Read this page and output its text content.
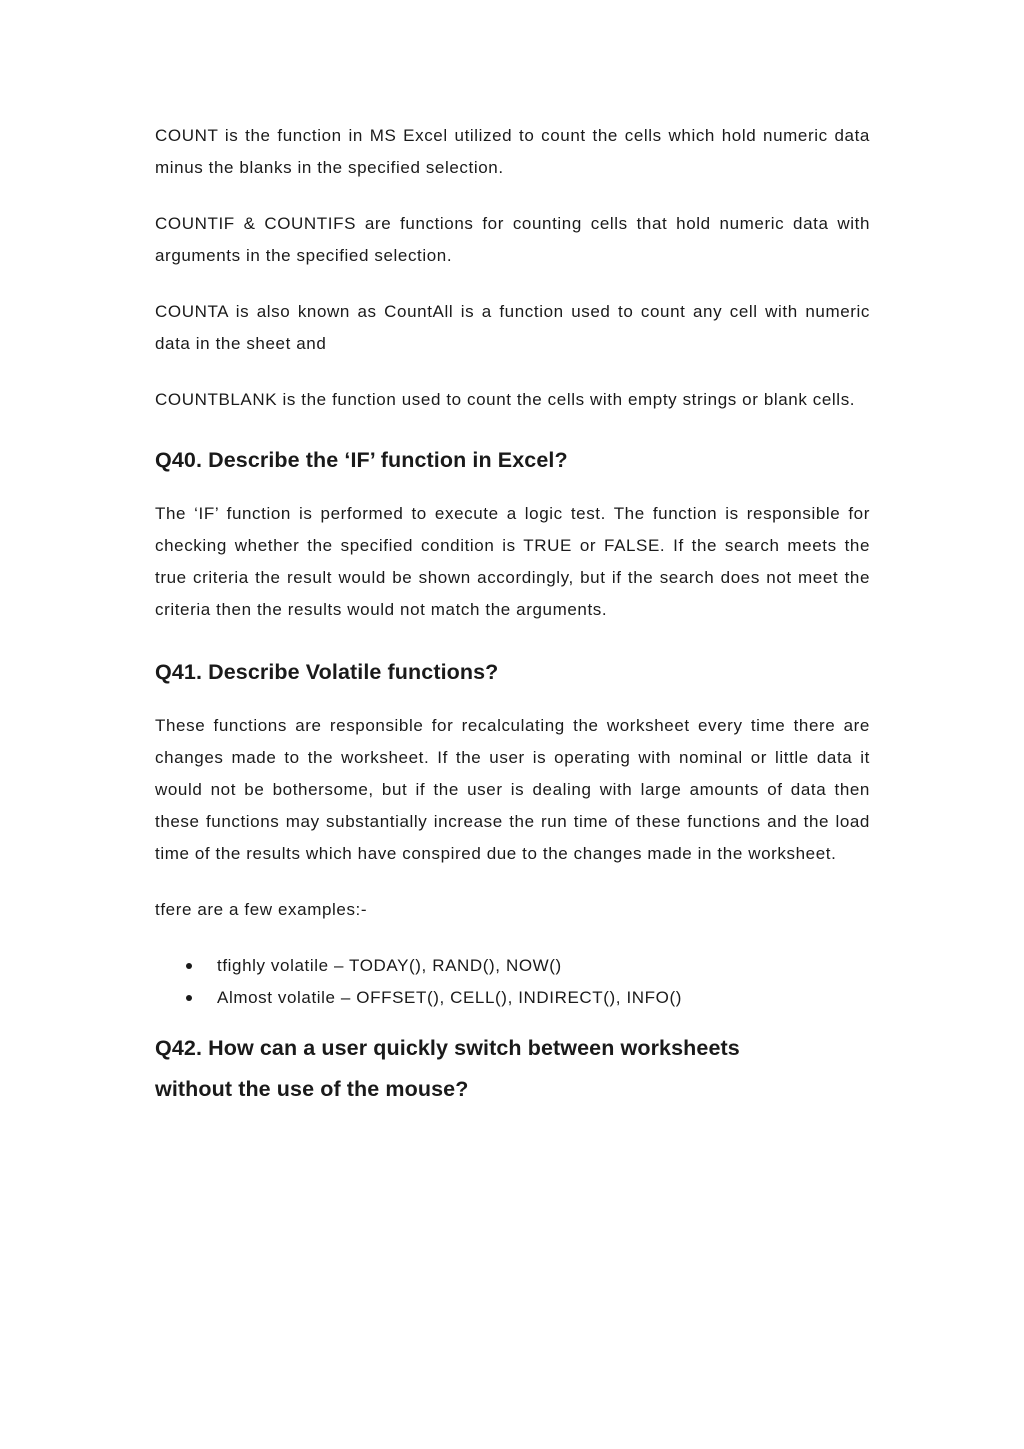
COUNT is the function in MS Excel utilized to count the cells which hold numeric data minus the blanks in the specified selection.

COUNTIF & COUNTIFS are functions for counting cells that hold numeric data with arguments in the specified selection.

COUNTA is also known as CountAll is a function used to count any cell with numeric data in the sheet and

COUNTBLANK is the function used to count the cells with empty strings or blank cells.

Q40. Describe the ‘IF’ function in Excel?

The ‘IF’ function is performed to execute a logic test. The function is responsible for checking whether the specified condition is TRUE or FALSE. If the search meets the true criteria the result would be shown accordingly, but if the search does not meet the criteria then the results would not match the arguments.

Q41. Describe Volatile functions?

These functions are responsible for recalculating the worksheet every time there are changes made to the worksheet. If the user is operating with nominal or little data it would not be bothersome, but if the user is dealing with large amounts of data then these functions may substantially increase the run time of these functions and the load time of the results which have conspired due to the changes made in the worksheet.

tfere are a few examples:-

tfighly volatile – TODAY(), RAND(), NOW()
Almost volatile – OFFSET(), CELL(), INDIRECT(), INFO()
Q42. How can a user quickly switch between worksheets
without the use of the mouse?
